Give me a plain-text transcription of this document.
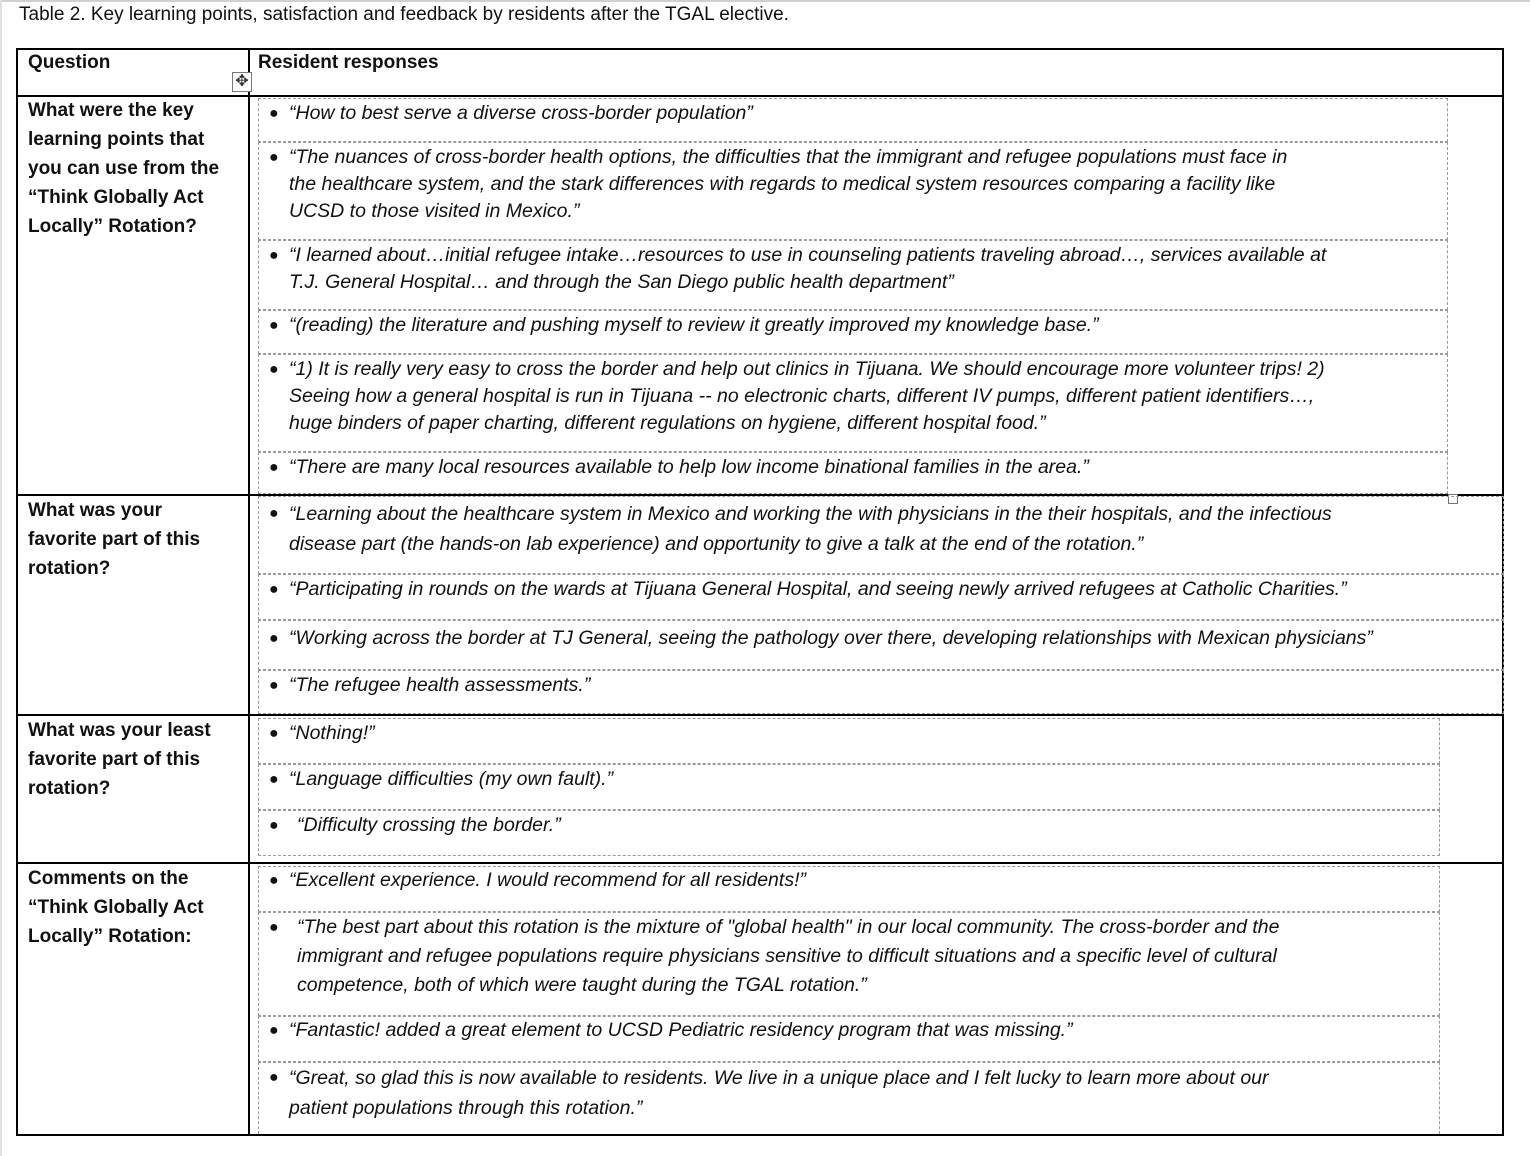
Table 2. Key learning points, satisfaction and feedback by residents after the TGAL elective.
Question	Resident responses
✥
What were the key
learning points that
you can use from the
“Think Globally Act
Locally” Rotation?
● “How to best serve a diverse cross-border population”
● “The nuances of cross-border health options, the difficulties that the immigrant and refugee populations must face in
the healthcare system, and the stark differences with regards to medical system resources comparing a facility like
UCSD to those visited in Mexico.”
● “I learned about…initial refugee intake…resources to use in counseling patients traveling abroad…, services available at
T.J. General Hospital… and through the San Diego public health department”
● “(reading) the literature and pushing myself to review it greatly improved my knowledge base.”
● “1) It is really very easy to cross the border and help out clinics in Tijuana. We should encourage more volunteer trips! 2)
Seeing how a general hospital is run in Tijuana -- no electronic charts, different IV pumps, different patient identifiers…,
huge binders of paper charting, different regulations on hygiene, different hospital food.”
● “There are many local resources available to help low income binational families in the area.”
What was your
favorite part of this
rotation?
● “Learning about the healthcare system in Mexico and working the with physicians in the their hospitals, and the infectious
disease part (the hands-on lab experience) and opportunity to give a talk at the end of the rotation.”
● “Participating in rounds on the wards at Tijuana General Hospital, and seeing newly arrived refugees at Catholic Charities.”
● “Working across the border at TJ General, seeing the pathology over there, developing relationships with Mexican physicians”
● “The refugee health assessments.”
What was your least
favorite part of this
rotation?
● “Nothing!”
● “Language difficulties (my own fault).”
● “Difficulty crossing the border.”
Comments on the
“Think Globally Act
Locally” Rotation:
● “Excellent experience. I would recommend for all residents!”
● “The best part about this rotation is the mixture of "global health" in our local community. The cross-border and the
immigrant and refugee populations require physicians sensitive to difficult situations and a specific level of cultural
competence, both of which were taught during the TGAL rotation.”
● “Fantastic! added a great element to UCSD Pediatric residency program that was missing.”
● “Great, so glad this is now available to residents. We live in a unique place and I felt lucky to learn more about our
patient populations through this rotation.”
